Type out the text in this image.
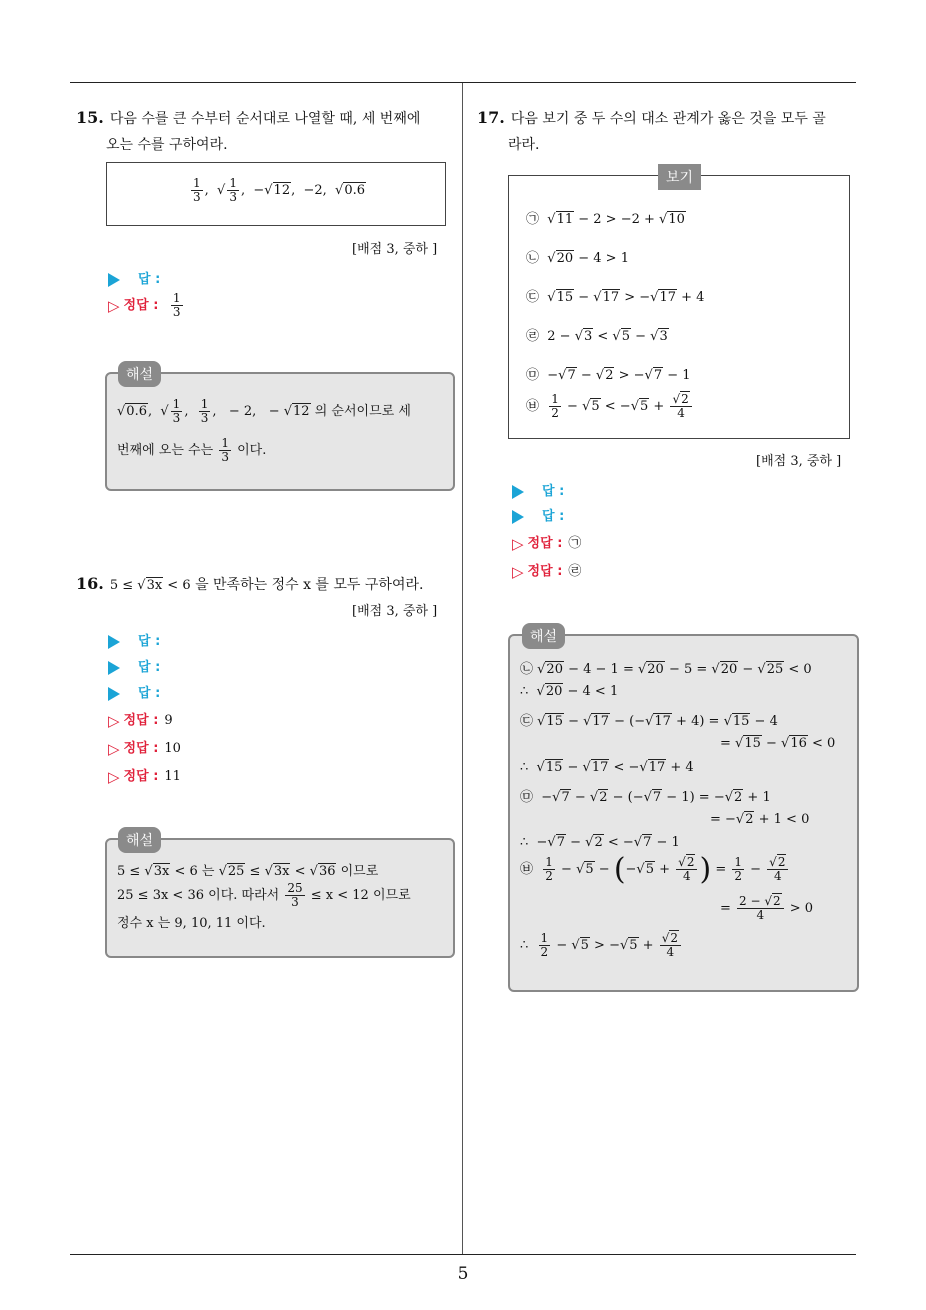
5
15. 다음 수를 큰 수부터 순서대로 나열할 때, 세 번째에
오는 수를 구하여라.
$\frac{1}{3}$ ,  √ $\frac{1}{3}$ ,  −√12,  −2,  √0.6
[배점 3, 중하 ]
답 :
▷ 정답 : $\frac{1}{3}$
해설
√0.6,  √ $\frac{1}{3}$ , $\frac{1}{3}$ ,   − 2,   − √12 의 순서이므로 세
번째에 오는 수는 $\frac{1}{3}$ 이다.
16. 5 ≤ √3x < 6 을 만족하는 정수 x 를 모두 구하여라.
[배점 3, 중하 ]
답 :
답 :
답 :
▷ 정답 : 9
▷ 정답 : 10
▷ 정답 : 11
해설
5 ≤ √3x < 6 는 √25 ≤ √3x < √36 이므로
25 ≤ 3x < 36 이다. 따라서 $\frac{25}{3} \le x < 12$ 이므로
정수 x 는 9, 10, 11 이다.
17. 다음 보기 중 두 수의 대소 관계가 옳은 것을 모두 골
라라.
보기
㉠  √11 − 2 > −2 + √10
㉡  √20 − 4 > 1
㉢  √15 − √17 > −√17 + 4
㉣  2 − √3 < √5 − √3
㉤  −√7 − √2 > −√7 − 1
㉥ $\frac{1}{2} - √5 < -√5 + \frac{√2}{4}$
[배점 3, 중하 ]
답 :
답 :
▷ 정답 : ㉠
▷ 정답 : ㉣
해설
㉡ √20 − 4 − 1 = √20 − 5 = √20 − √25 < 0
∴  √20 − 4 < 1
㉢ √15 − √17 − (−√17 + 4) = √15 − 4
= √15 − √16 < 0
∴  √15 − √17 < −√17 + 4
㉤  −√7 − √2 − (−√7 − 1) = −√2 + 1
= −√2 + 1 < 0
∴  −√7 − √2 < −√7 − 1
㉥ $\frac{1}{2} - √5 - (-√5 + \frac{√2}{4}$ ) = $\frac{1}{2} - \frac{√2}{4}$
= $\frac{2 - √2}{4} > 0$
∴ $\frac{1}{2} - √5 > -√5 + \frac{√2}{4}$
